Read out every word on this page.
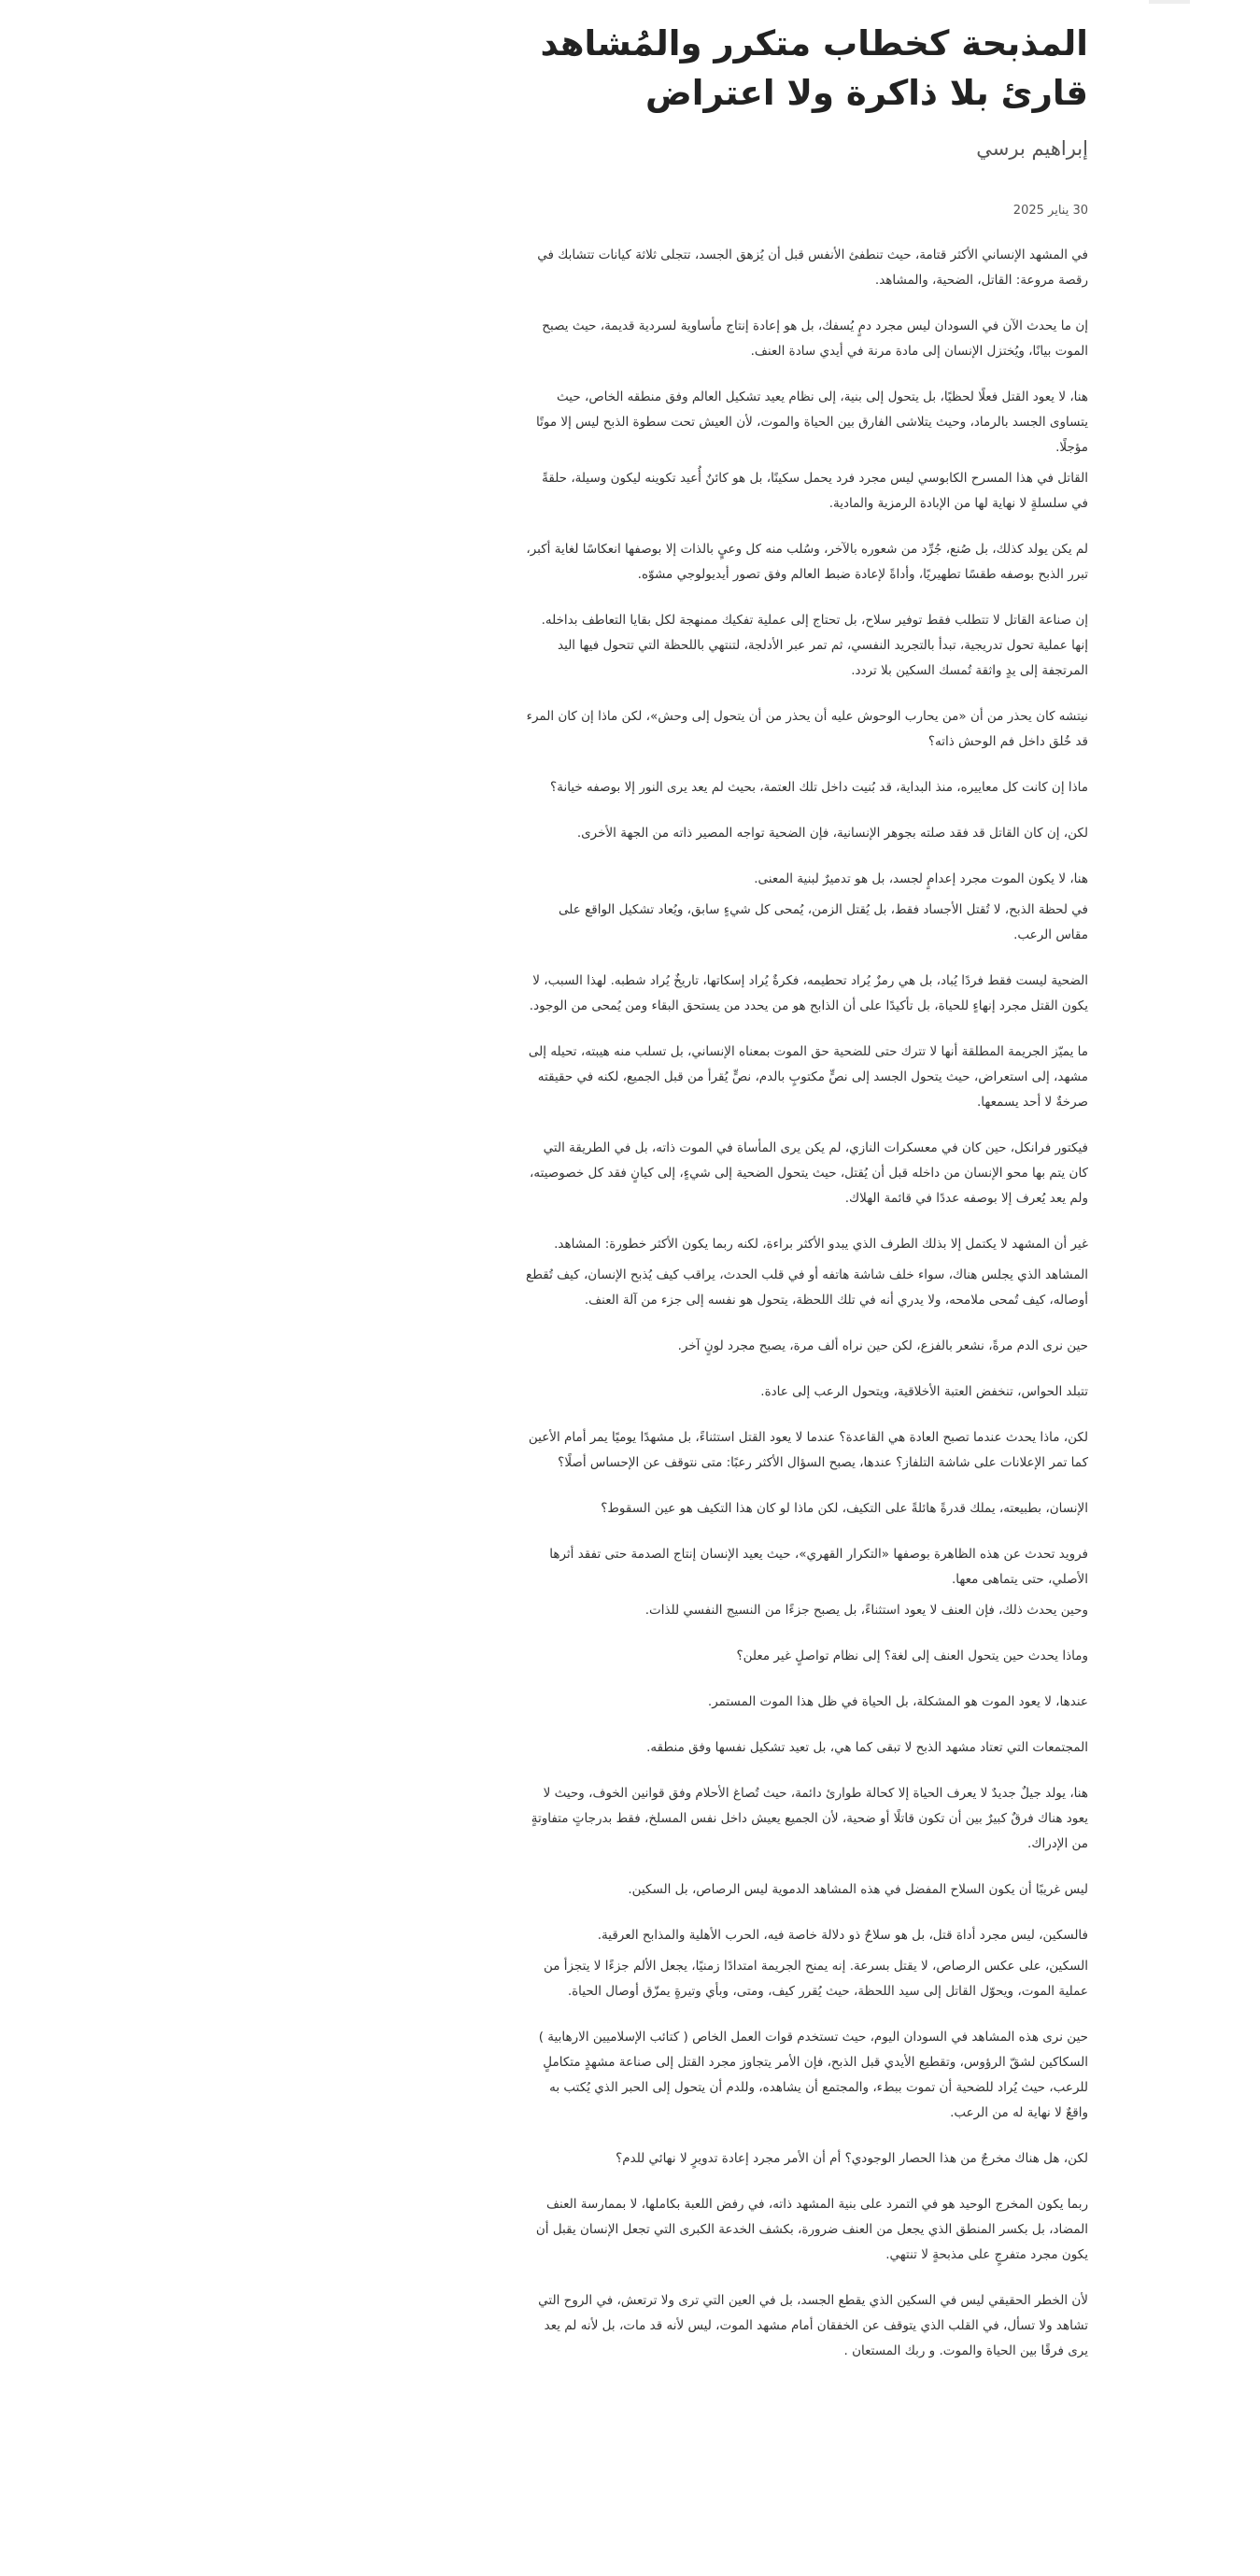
المذبحة كخطاب متكرر والمُشاهد قارئ بلا ذاكرة ولا اعتراض
إبراهيم برسي
30 يناير 2025

في المشهد الإنساني الأكثر قتامة، حيث تنطفئ الأنفس قبل أن يُزهق الجسد، تتجلى ثلاثة كيانات تتشابك في رقصة مروعة: القاتل، الضحية، والمشاهد.

إن ما يحدث الآن في السودان ليس مجرد دمٍ يُسفك، بل هو إعادة إنتاج مأساوية لسردية قديمة، حيث يصبح الموت بيانًا، ويُختزل الإنسان إلى مادة مرنة في أيدي سادة العنف.

هنا، لا يعود القتل فعلًا لحظيًا، بل يتحول إلى بنية، إلى نظام يعيد تشكيل العالم وفق منطقه الخاص، حيث يتساوى الجسد بالرماد، وحيث يتلاشى الفارق بين الحياة والموت، لأن العيش تحت سطوة الذبح ليس إلا موتًا مؤجلًا.

القاتل في هذا المسرح الكابوسي ليس مجرد فرد يحمل سكينًا، بل هو كائنٌ أُعيد تكوينه ليكون وسيلة، حلقةً في سلسلةٍ لا نهاية لها من الإبادة الرمزية والمادية.

لم يكن يولد كذلك، بل صُنع، جُرِّد من شعوره بالآخر، وسُلب منه كل وعيٍ بالذات إلا بوصفها انعكاسًا لغاية أكبر، تبرر الذبح بوصفه طقسًا تطهيريًا، وأداةً لإعادة ضبط العالم وفق تصور أيديولوجي مشوّه.

إن صناعة القاتل لا تتطلب فقط توفير سلاح، بل تحتاج إلى عملية تفكيك ممنهجة لكل بقايا التعاطف بداخله. إنها عملية تحول تدريجية، تبدأ بالتجريد النفسي، ثم تمر عبر الأدلجة، لتنتهي باللحظة التي تتحول فيها اليد المرتجفة إلى يدٍ واثقة تُمسك السكين بلا تردد.

نيتشه كان يحذر من أن «من يحارب الوحوش عليه أن يحذر من أن يتحول إلى وحش»، لكن ماذا إن كان المرء قد خُلق داخل فم الوحش ذاته؟

ماذا إن كانت كل معاييره، منذ البداية، قد بُنيت داخل تلك العتمة، بحيث لم يعد يرى النور إلا بوصفه خيانة؟

لكن، إن كان القاتل قد فقد صلته بجوهر الإنسانية، فإن الضحية تواجه المصير ذاته من الجهة الأخرى.

هنا، لا يكون الموت مجرد إعدامٍ لجسد، بل هو تدميرٌ لبنية المعنى.

في لحظة الذبح، لا تُقتل الأجساد فقط، بل يُقتل الزمن، يُمحى كل شيءٍ سابق، ويُعاد تشكيل الواقع على مقاس الرعب.

الضحية ليست فقط فردًا يُباد، بل هي رمزٌ يُراد تحطيمه، فكرةٌ يُراد إسكاتها، تاريخٌ يُراد شطبه. لهذا السبب، لا يكون القتل مجرد إنهاءٍ للحياة، بل تأكيدًا على أن الذابح هو من يحدد من يستحق البقاء ومن يُمحى من الوجود.

ما يميّز الجريمة المطلقة أنها لا تترك حتى للضحية حق الموت بمعناه الإنساني، بل تسلب منه هيبته، تحيله إلى مشهد، إلى استعراض، حيث يتحول الجسد إلى نصٍّ مكتوبٍ بالدم، نصٍّ يُقرأ من قبل الجميع، لكنه في حقيقته صرخةٌ لا أحد يسمعها.

فيكتور فرانكل، حين كان في معسكرات النازي، لم يكن يرى المأساة في الموت ذاته، بل في الطريقة التي كان يتم بها محو الإنسان من داخله قبل أن يُقتل، حيث يتحول الضحية إلى شيءٍ، إلى كيانٍ فقد كل خصوصيته، ولم يعد يُعرف إلا بوصفه عددًا في قائمة الهلاك.

غير أن المشهد لا يكتمل إلا بذلك الطرف الذي يبدو الأكثر براءة، لكنه ربما يكون الأكثر خطورة: المشاهد.

المشاهد الذي يجلس هناك، سواء خلف شاشة هاتفه أو في قلب الحدث، يراقب كيف يُذبح الإنسان، كيف تُقطع أوصاله، كيف تُمحى ملامحه، ولا يدري أنه في تلك اللحظة، يتحول هو نفسه إلى جزء من آلة العنف.

حين نرى الدم مرةً، نشعر بالفزع، لكن حين نراه ألف مرة، يصبح مجرد لونٍ آخر.

تتبلد الحواس، تنخفض العتبة الأخلاقية، ويتحول الرعب إلى عادة.

لكن، ماذا يحدث عندما تصبح العادة هي القاعدة؟ عندما لا يعود القتل استثناءً، بل مشهدًا يوميًا يمر أمام الأعين كما تمر الإعلانات على شاشة التلفاز؟ عندها، يصبح السؤال الأكثر رعبًا: متى نتوقف عن الإحساس أصلًا؟

الإنسان، بطبيعته، يملك قدرةً هائلةً على التكيف، لكن ماذا لو كان هذا التكيف هو عين السقوط؟

فرويد تحدث عن هذه الظاهرة بوصفها «التكرار القهري»، حيث يعيد الإنسان إنتاج الصدمة حتى تفقد أثرها الأصلي، حتى يتماهى معها.

وحين يحدث ذلك، فإن العنف لا يعود استثناءً، بل يصبح جزءًا من النسيج النفسي للذات.

وماذا يحدث حين يتحول العنف إلى لغة؟ إلى نظام تواصلٍ غير معلن؟

عندها، لا يعود الموت هو المشكلة، بل الحياة في ظل هذا الموت المستمر.

المجتمعات التي تعتاد مشهد الذبح لا تبقى كما هي، بل تعيد تشكيل نفسها وفق منطقه.

هنا، يولد جيلٌ جديدٌ لا يعرف الحياة إلا كحالة طوارئ دائمة، حيث تُصاغ الأحلام وفق قوانين الخوف، وحيث لا يعود هناك فرقٌ كبيرٌ بين أن تكون قاتلًا أو ضحية، لأن الجميع يعيش داخل نفس المسلخ، فقط بدرجاتٍ متفاوتةٍ من الإدراك.

ليس غريبًا أن يكون السلاح المفضل في هذه المشاهد الدموية ليس الرصاص، بل السكين.

فالسكين، ليس مجرد أداة قتل، بل هو سلاحٌ ذو دلالة خاصة فيه، الحرب الأهلية والمذابح العرقية.

السكين، على عكس الرصاص، لا يقتل بسرعة. إنه يمنح الجريمة امتدادًا زمنيًا، يجعل الألم جزءًا لا يتجزأ من عملية الموت، ويحوّل القاتل إلى سيد اللحظة، حيث يُقرر كيف، ومتى، وبأي وتيرةٍ يمزّق أوصال الحياة.

حين نرى هذه المشاهد في السودان اليوم، حيث تستخدم قوات العمل الخاص ( كتائب الإسلاميين الارهابية ) السكاكين لشقّ الرؤوس، وتقطيع الأيدي قبل الذبح، فإن الأمر يتجاوز مجرد القتل إلى صناعة مشهدٍ متكاملٍ للرعب، حيث يُراد للضحية أن تموت ببطء، والمجتمع أن يشاهده، وللدم أن يتحول إلى الحبر الذي يُكتب به واقعٌ لا نهاية له من الرعب.

لكن، هل هناك مخرجٌ من هذا الحصار الوجودي؟ أم أن الأمر مجرد إعادة تدويرٍ لا نهائي للدم؟

ربما يكون المخرج الوحيد هو في التمرد على بنية المشهد ذاته، في رفض اللعبة بكاملها، لا بممارسة العنف المضاد، بل بكسر المنطق الذي يجعل من العنف ضرورة، بكشف الخدعة الكبرى التي تجعل الإنسان يقبل أن يكون مجرد متفرجٍ على مذبحةٍ لا تنتهي.

لأن الخطر الحقيقي ليس في السكين الذي يقطع الجسد، بل في العين التي ترى ولا ترتعش، في الروح التي تشاهد ولا تسأل، في القلب الذي يتوقف عن الخفقان أمام مشهد الموت، ليس لأنه قد مات، بل لأنه لم يعد يرى فرقًا بين الحياة والموت. و ربك المستعان .
